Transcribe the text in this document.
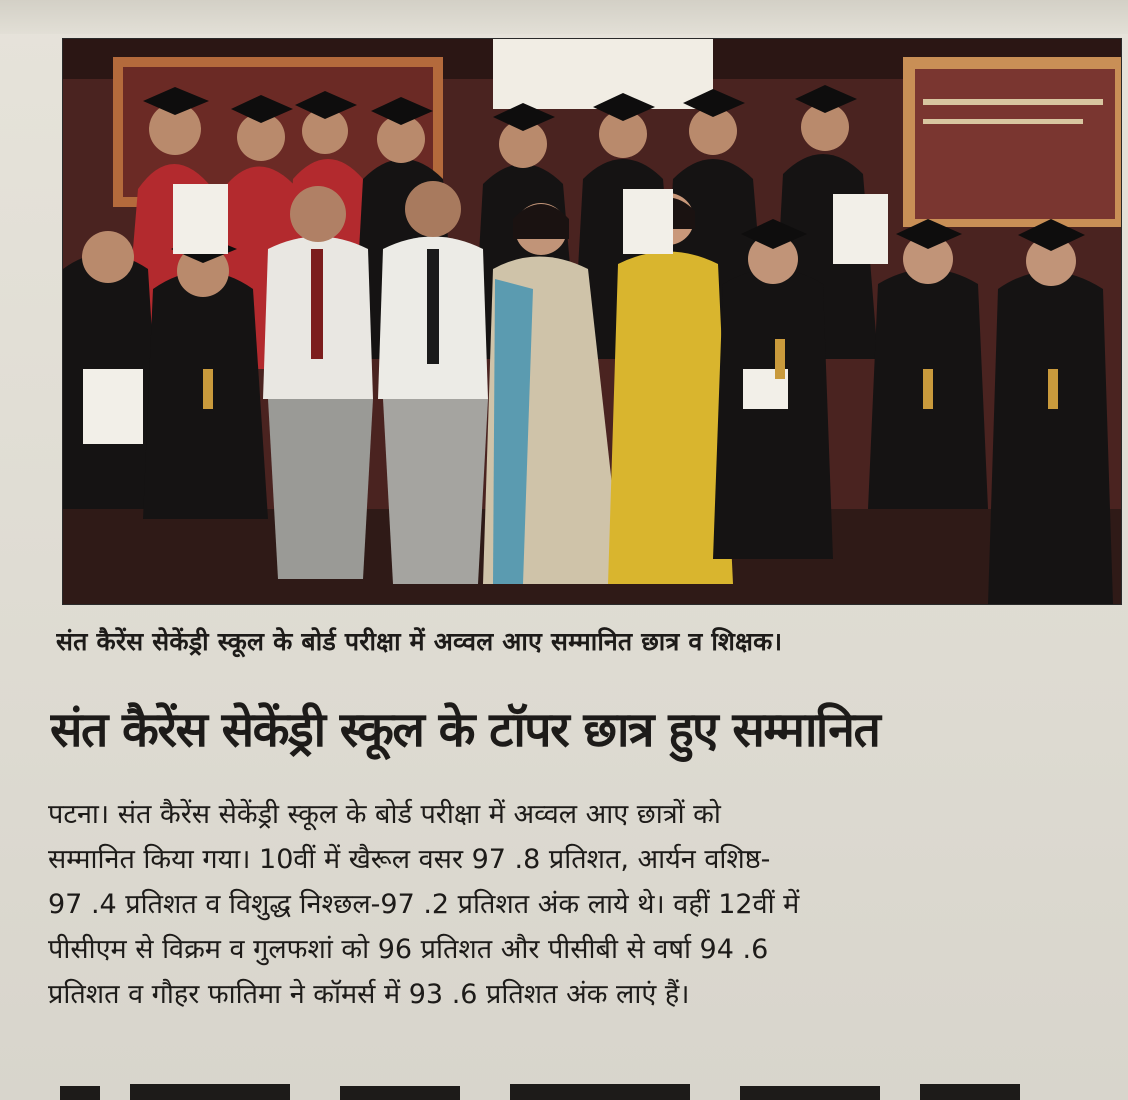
संत कैरेंस सेकेंड्री स्कूल के बोर्ड परीक्षा में अव्वल आए सम्मानित छात्र व शिक्षक।
संत कैरेंस सेकेंड्री स्कूल के टॉपर छात्र हुए सम्मानित
पटना। संत कैरेंस सेकेंड्री स्कूल के बोर्ड परीक्षा में अव्वल आए छात्रों को
सम्मानित किया गया। 10वीं में खैरूल वसर 97 .8 प्रतिशत, आर्यन वशिष्ठ-
97 .4 प्रतिशत व विशुद्ध निश्छल-97 .2 प्रतिशत अंक लाये थे। वहीं 12वीं में
पीसीएम से विक्रम व गुलफशां को 96 प्रतिशत और पीसीबी से वर्षा 94 .6
प्रतिशत व गौहर फातिमा ने कॉमर्स में 93 .6 प्रतिशत अंक लाएं हैं।
